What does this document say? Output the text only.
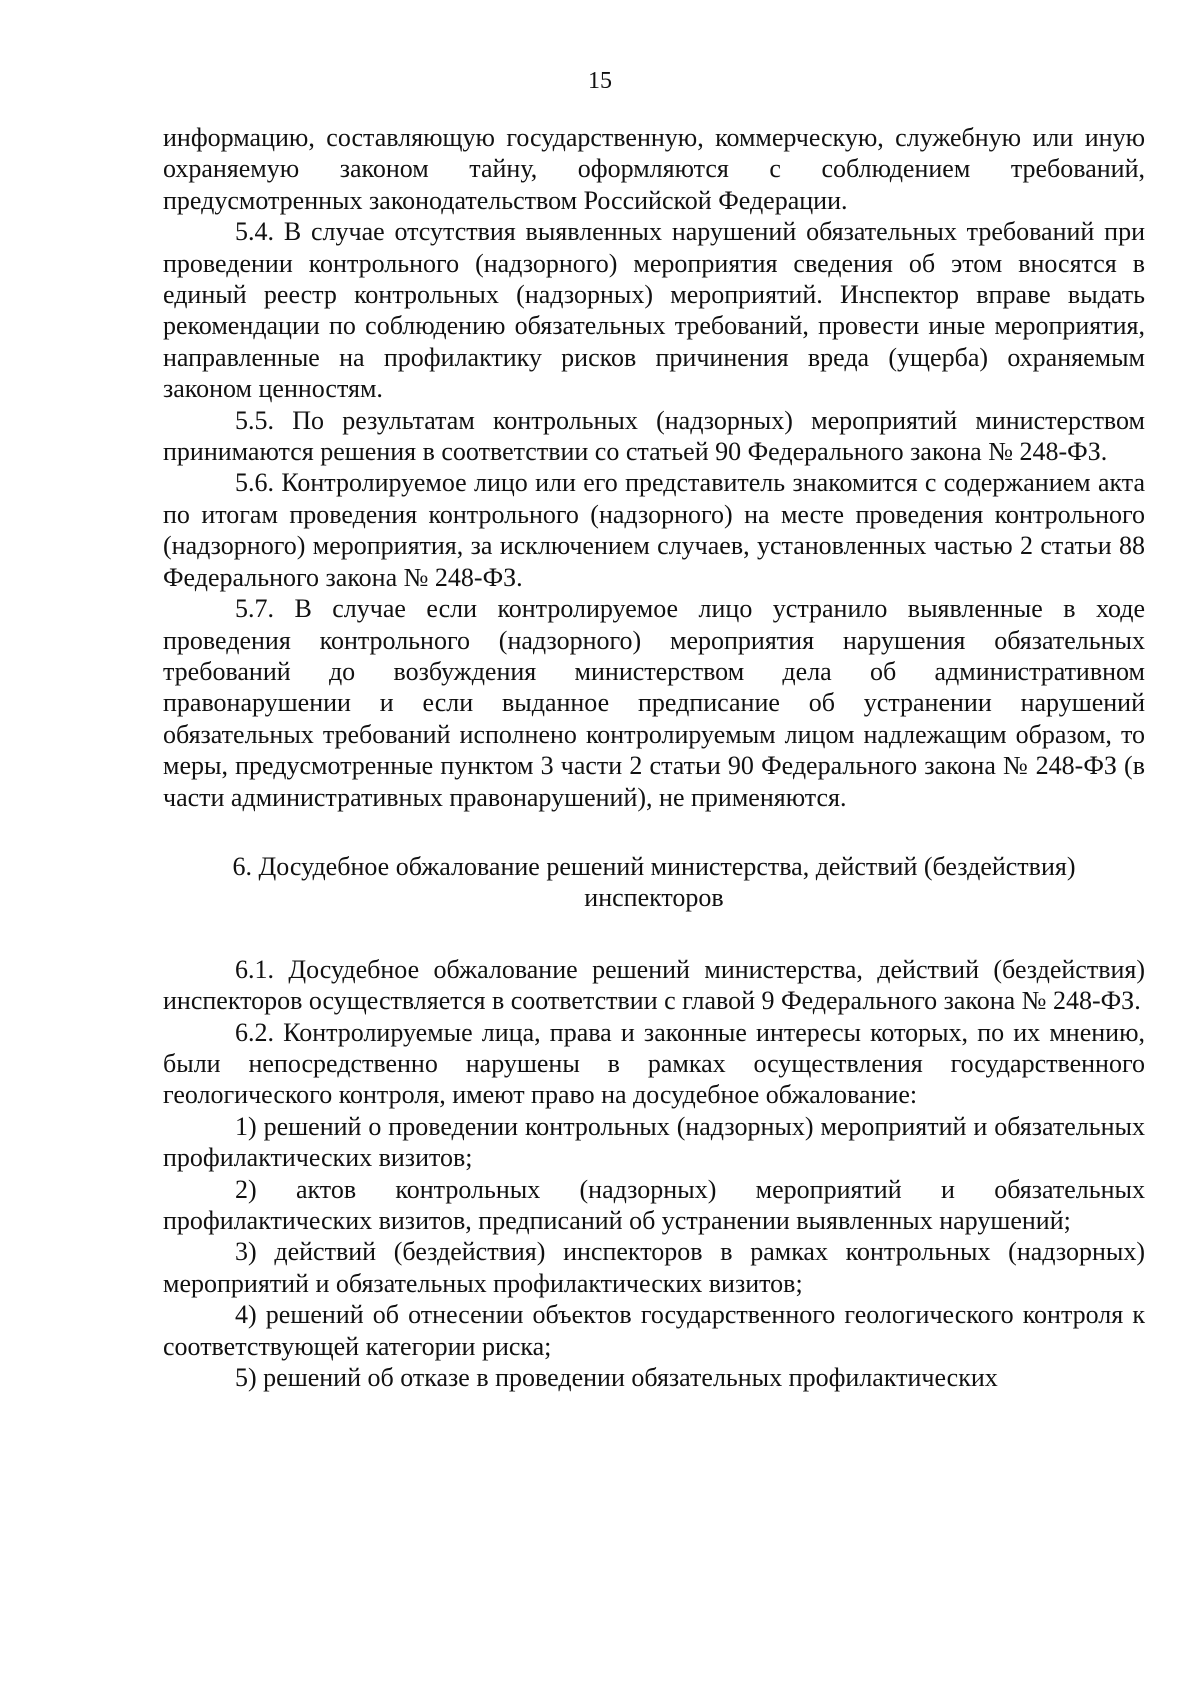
15

информацию, составляющую государственную, коммерческую, служебную или иную охраняемую законом тайну, оформляются с соблюдением требований, предусмотренных законодательством Российской Федерации.

5.4. В случае отсутствия выявленных нарушений обязательных требований при проведении контрольного (надзорного) мероприятия сведения об этом вносятся в единый реестр контрольных (надзорных) мероприятий. Инспектор вправе выдать рекомендации по соблюдению обязательных требований, провести иные мероприятия, направленные на профилактику рисков причинения вреда (ущерба) охраняемым законом ценностям.

5.5. По результатам контрольных (надзорных) мероприятий министерством принимаются решения в соответствии со статьей 90 Федерального закона № 248-ФЗ.

5.6. Контролируемое лицо или его представитель знакомится с содержанием акта по итогам проведения контрольного (надзорного) на месте проведения контрольного (надзорного) мероприятия, за исключением случаев, установленных частью 2 статьи 88 Федерального закона № 248-ФЗ.

5.7. В случае если контролируемое лицо устранило выявленные в ходе проведения контрольного (надзорного) мероприятия нарушения обязательных требований до возбуждения министерством дела об административном правонарушении и если выданное предписание об устранении нарушений обязательных требований исполнено контролируемым лицом надлежащим образом, то меры, предусмотренные пунктом 3 части 2 статьи 90 Федерального закона № 248-ФЗ (в части административных правонарушений), не применяются.

6. Досудебное обжалование решений министерства, действий (бездействия) инспекторов

6.1. Досудебное обжалование решений министерства, действий (бездействия) инспекторов осуществляется в соответствии с главой 9 Федерального закона № 248-ФЗ.

6.2. Контролируемые лица, права и законные интересы которых, по их мнению, были непосредственно нарушены в рамках осуществления государственного геологического контроля, имеют право на досудебное обжалование:

1) решений о проведении контрольных (надзорных) мероприятий и обязательных профилактических визитов;

2) актов контрольных (надзорных) мероприятий и обязательных профилактических визитов, предписаний об устранении выявленных нарушений;

3) действий (бездействия) инспекторов в рамках контрольных (надзорных) мероприятий и обязательных профилактических визитов;

4) решений об отнесении объектов государственного геологического контроля к соответствующей категории риска;

5) решений об отказе в проведении обязательных профилактических
